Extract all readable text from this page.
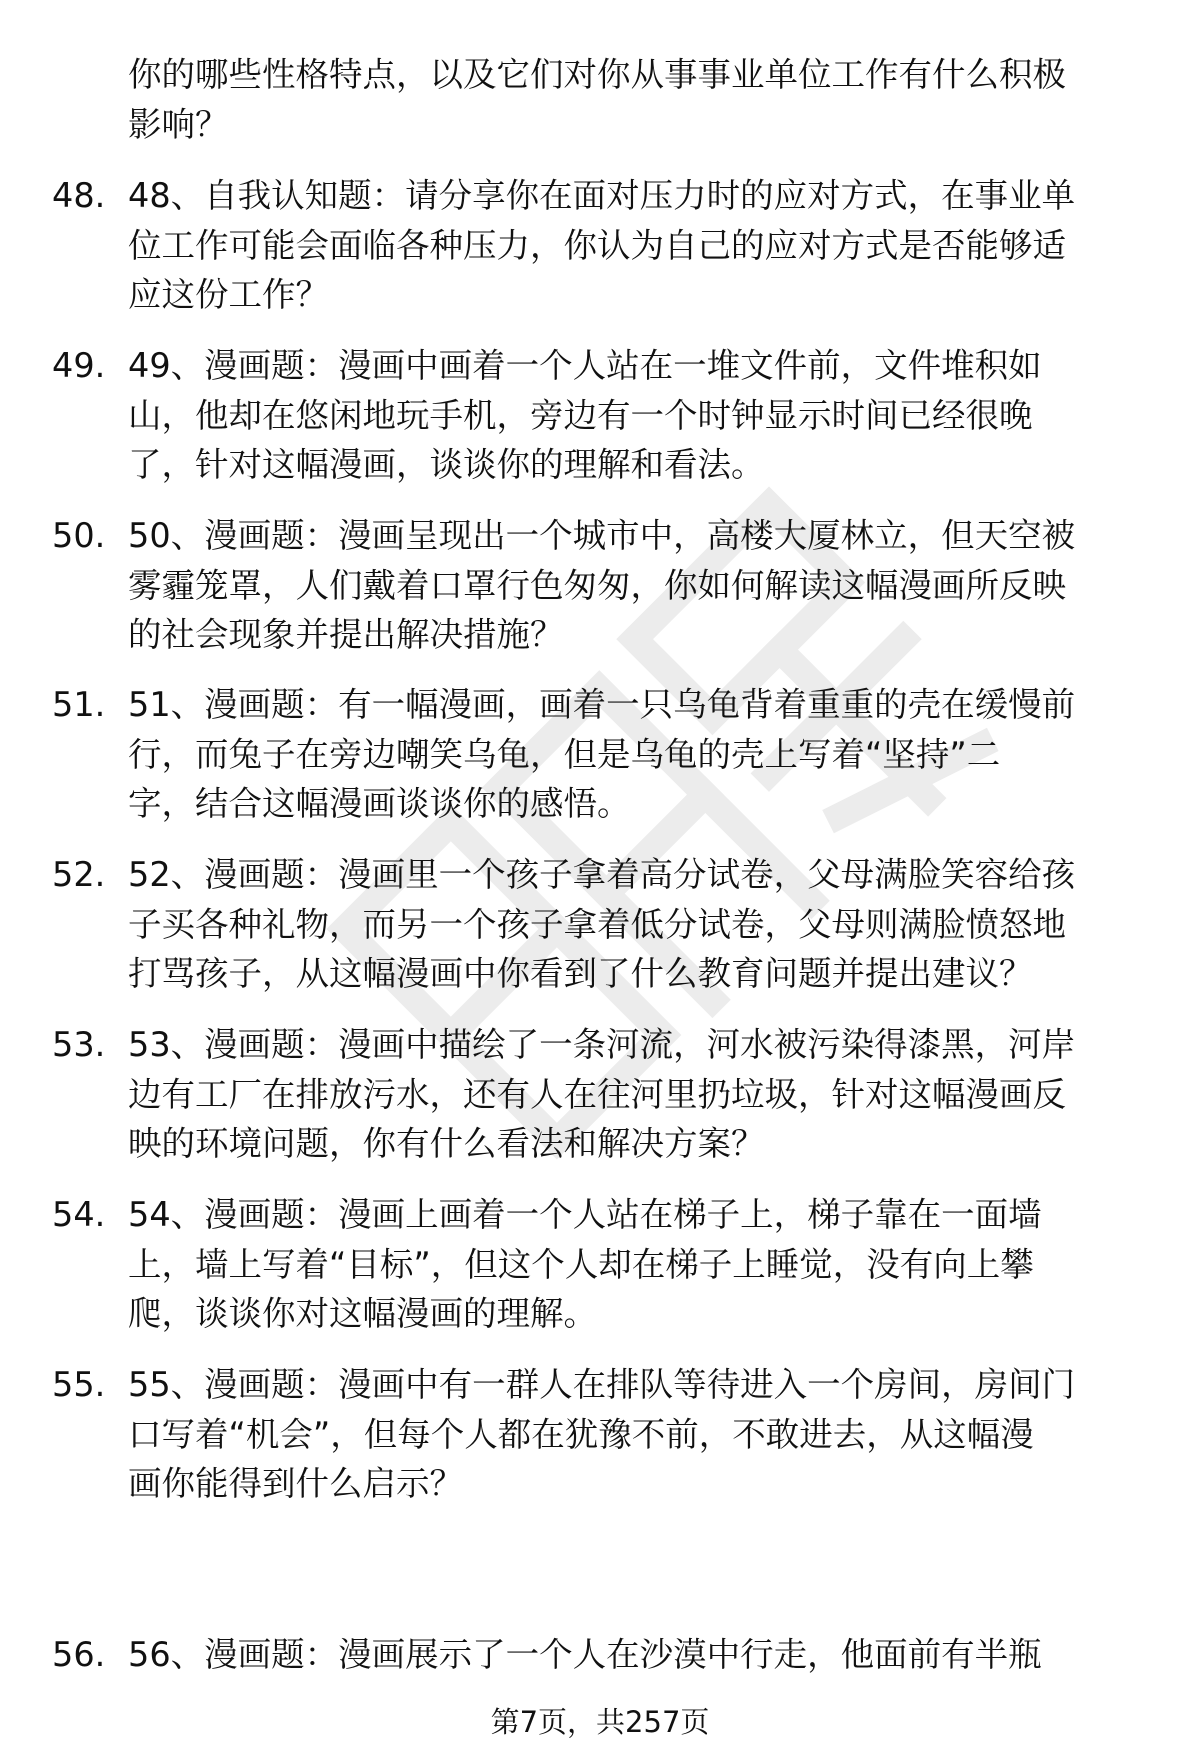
你的哪些性格特点，以及它们对你从事事业单位工作有什么积极
影响？
48. 48、自我认知题：请分享你在面对压力时的应对方式，在事业单
位工作可能会面临各种压力，你认为自己的应对方式是否能够适
应这份工作？
49. 49、漫画题：漫画中画着一个人站在一堆文件前，文件堆积如
山，他却在悠闲地玩手机，旁边有一个时钟显示时间已经很晚
了，针对这幅漫画，谈谈你的理解和看法。
50. 50、漫画题：漫画呈现出一个城市中，高楼大厦林立，但天空被
雾霾笼罩，人们戴着口罩行色匆匆，你如何解读这幅漫画所反映
的社会现象并提出解决措施？
51. 51、漫画题：有一幅漫画，画着一只乌龟背着重重的壳在缓慢前
行，而兔子在旁边嘲笑乌龟，但是乌龟的壳上写着“坚持”二
字，结合这幅漫画谈谈你的感悟。
52. 52、漫画题：漫画里一个孩子拿着高分试卷，父母满脸笑容给孩
子买各种礼物，而另一个孩子拿着低分试卷，父母则满脸愤怒地
打骂孩子，从这幅漫画中你看到了什么教育问题并提出建议？
53. 53、漫画题：漫画中描绘了一条河流，河水被污染得漆黑，河岸
边有工厂在排放污水，还有人在往河里扔垃圾，针对这幅漫画反
映的环境问题，你有什么看法和解决方案？
54. 54、漫画题：漫画上画着一个人站在梯子上，梯子靠在一面墙
上，墙上写着“目标”，但这个人却在梯子上睡觉，没有向上攀
爬，谈谈你对这幅漫画的理解。
55. 55、漫画题：漫画中有一群人在排队等待进入一个房间，房间门
口写着“机会”，但每个人都在犹豫不前，不敢进去，从这幅漫
画你能得到什么启示？
56. 56、漫画题：漫画展示了一个人在沙漠中行走，他面前有半瓶
第7页，共257页
